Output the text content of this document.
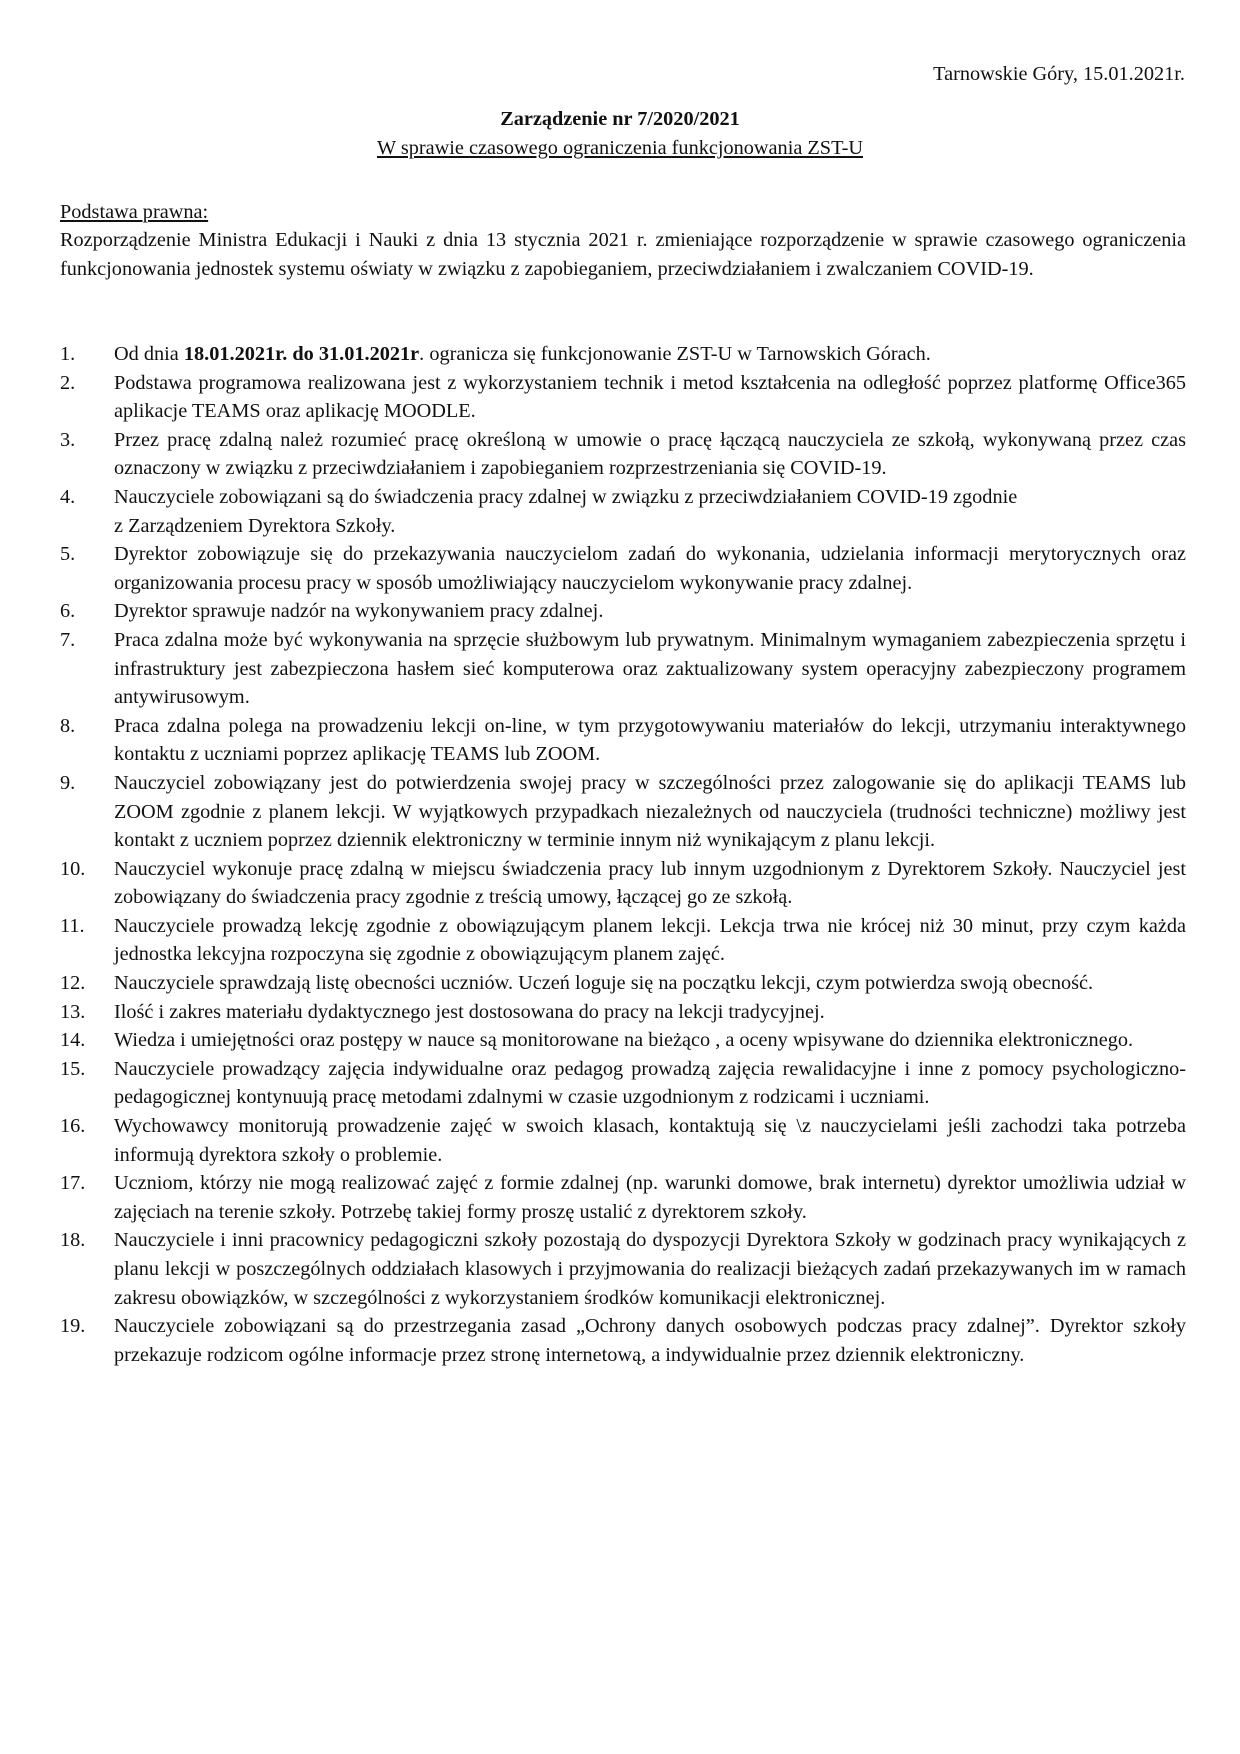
Tarnowskie Góry, 15.01.2021r.
Zarządzenie nr 7/2020/2021
W sprawie czasowego ograniczenia funkcjonowania ZST-U
Podstawa prawna:
Rozporządzenie Ministra Edukacji i Nauki z dnia 13 stycznia 2021 r. zmieniające rozporządzenie w sprawie czasowego ograniczenia funkcjonowania jednostek systemu oświaty w związku z zapobieganiem, przeciwdziałaniem i zwalczaniem COVID-19.
1. Od dnia 18.01.2021r. do 31.01.2021r. ogranicza się funkcjonowanie ZST-U w Tarnowskich Górach.
2. Podstawa programowa realizowana jest z wykorzystaniem technik i metod kształcenia na odległość poprzez platformę Office365 aplikacje TEAMS oraz aplikację MOODLE.
3. Przez pracę zdalną należ rozumieć pracę określoną w umowie o pracę łączącą nauczyciela ze szkołą, wykonywaną przez czas oznaczony w związku z przeciwdziałaniem i zapobieganiem rozprzestrzeniania się COVID-19.
4. Nauczyciele zobowiązani są do świadczenia pracy zdalnej w związku z przeciwdziałaniem COVID-19 zgodnie
z Zarządzeniem Dyrektora Szkoły.
5. Dyrektor zobowiązuje się do przekazywania nauczycielom zadań do wykonania, udzielania informacji merytorycznych oraz organizowania procesu pracy w sposób umożliwiający nauczycielom wykonywanie pracy zdalnej.
6. Dyrektor sprawuje nadzór na wykonywaniem pracy zdalnej.
7. Praca zdalna może być wykonywania na sprzęcie służbowym lub prywatnym. Minimalnym wymaganiem zabezpieczenia sprzętu i infrastruktury jest zabezpieczona hasłem sieć komputerowa oraz zaktualizowany system operacyjny zabezpieczony programem antywirusowym.
8. Praca zdalna polega na prowadzeniu lekcji on-line, w tym przygotowywaniu materiałów do lekcji, utrzymaniu interaktywnego kontaktu z uczniami poprzez aplikację TEAMS lub ZOOM.
9. Nauczyciel zobowiązany jest do potwierdzenia swojej pracy w szczególności przez zalogowanie się do aplikacji TEAMS lub ZOOM zgodnie z planem lekcji. W wyjątkowych przypadkach niezależnych od nauczyciela (trudności techniczne) możliwy jest kontakt z uczniem poprzez dziennik elektroniczny w terminie innym niż wynikającym z planu lekcji.
10. Nauczyciel wykonuje pracę zdalną w miejscu świadczenia pracy lub innym uzgodnionym z Dyrektorem Szkoły. Nauczyciel jest zobowiązany do świadczenia pracy zgodnie z treścią umowy, łączącej go ze szkołą.
11. Nauczyciele prowadzą lekcję zgodnie z obowiązującym planem lekcji. Lekcja trwa nie krócej niż 30 minut, przy czym każda jednostka lekcyjna rozpoczyna się zgodnie z obowiązującym planem zajęć.
12. Nauczyciele sprawdzają listę obecności uczniów. Uczeń loguje się na początku lekcji, czym potwierdza swoją obecność.
13. Ilość i zakres materiału dydaktycznego jest dostosowana do pracy na lekcji tradycyjnej.
14. Wiedza i umiejętności oraz postępy w nauce są monitorowane na bieżąco , a oceny wpisywane do dziennika elektronicznego.
15. Nauczyciele prowadzący zajęcia indywidualne oraz pedagog prowadzą zajęcia rewalidacyjne i inne z pomocy psychologiczno-pedagogicznej kontynuują pracę metodami zdalnymi w czasie uzgodnionym z rodzicami i uczniami.
16. Wychowawcy monitorują prowadzenie zajęć w swoich klasach, kontaktują się \z nauczycielami jeśli zachodzi taka potrzeba informują dyrektora szkoły o problemie.
17. Uczniom, którzy nie mogą realizować zajęć z formie zdalnej (np. warunki domowe, brak internetu) dyrektor umożliwia udział w zajęciach na terenie szkoły. Potrzebę takiej formy proszę ustalić z dyrektorem szkoły.
18. Nauczyciele i inni pracownicy pedagogiczni szkoły pozostają do dyspozycji Dyrektora Szkoły w godzinach pracy wynikających z planu lekcji w poszczególnych oddziałach klasowych i przyjmowania do realizacji bieżących zadań przekazywanych im w ramach zakresu obowiązków, w szczególności z wykorzystaniem środków komunikacji elektronicznej.
19. Nauczyciele zobowiązani są do przestrzegania zasad „Ochrony danych osobowych podczas pracy zdalnej”. Dyrektor szkoły przekazuje rodzicom ogólne informacje przez stronę internetową, a indywidualnie przez dziennik elektroniczny.
